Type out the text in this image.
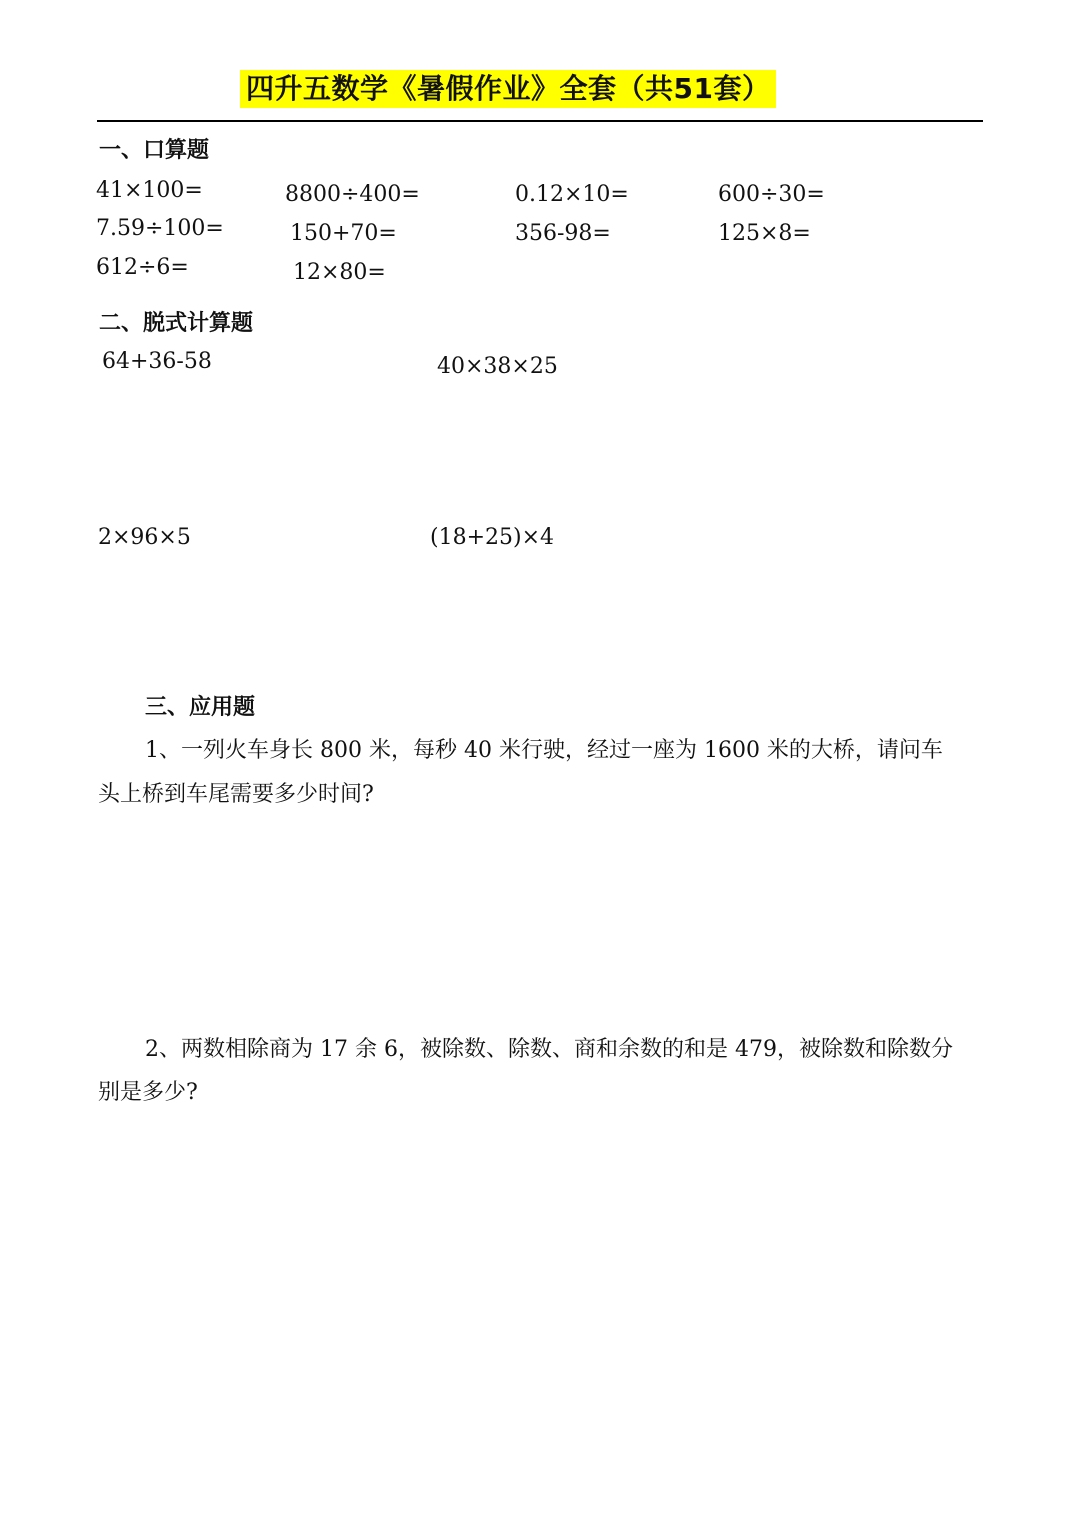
四升五数学《暑假作业》全套（共51套）
一、口算题
41×100=	8800÷400=	0.12×10=	600÷30=
7.59÷100=	150+70=	356-98=	125×8=
612÷6=	12×80=
二、脱式计算题
64+36-58	40×38×25
2×96×5	(18+25)×4
三、应用题
1、一列火车身长 800 米，每秒 40 米行驶，经过一座为 1600 米的大桥，请问车
头上桥到车尾需要多少时间?
2、两数相除商为 17 余 6，被除数、除数、商和余数的和是 479，被除数和除数分
别是多少?
